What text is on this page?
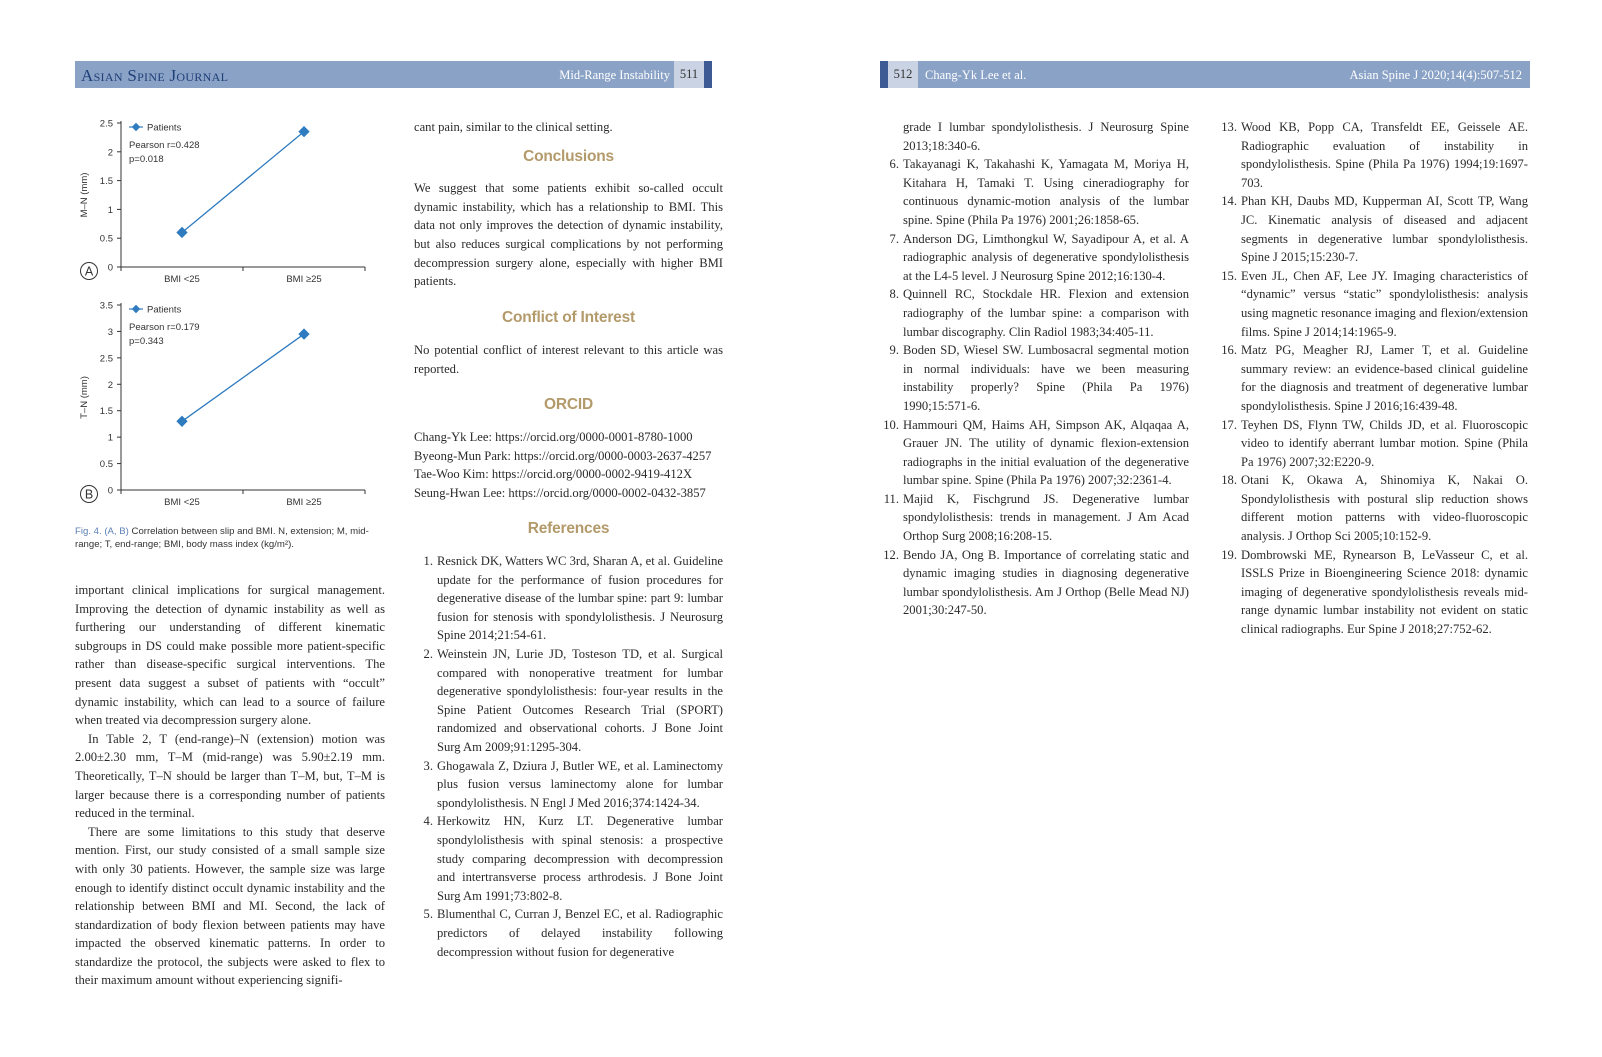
Asian Spine Journal	Mid-Range Instability 511	512	Chang-Yk Lee et al.	Asian Spine J 2020;14(4):507-512
0
0.5
1
1.5
2
2.5
BMI <25	BMI ≥25
M–N (mm)
Patients
Pearson r=0.428
p=0.018
A
0
0.5
1
1.5
2
2.5
3
3.5
BMI <25	BMI ≥25
T–N (mm)
Patients
Pearson r=0.179
p=0.343
B
Fig. 4. (A, B) Correlation between slip and BMI. N, extension; M, mid-range; T, end-range; BMI, body mass index (kg/m²).

important clinical implications for surgical management. Improving the detection of dynamic instability as well as furthering our understanding of different kinematic subgroups in DS could make possible more patient-specific rather than disease-specific surgical interventions. The present data suggest a subset of patients with “occult” dynamic instability, which can lead to a source of failure when treated via decompression surgery alone.

In Table 2, T (end-range)–N (extension) motion was 2.00±2.30 mm, T–M (mid-range) was 5.90±2.19 mm. Theoretically, T–N should be larger than T–M, but, T–M is larger because there is a corresponding number of patients reduced in the terminal.

There are some limitations to this study that deserve mention. First, our study consisted of a small sample size with only 30 patients. However, the sample size was large enough to identify distinct occult dynamic instability and the relationship between BMI and MI. Second, the lack of standardization of body flexion between patients may have impacted the observed kinematic patterns. In order to standardize the protocol, the subjects were asked to flex to their maximum amount without experiencing signifi-

cant pain, similar to the clinical setting.

Conclusions

We suggest that some patients exhibit so-called occult dynamic instability, which has a relationship to BMI. This data not only improves the detection of dynamic instability, but also reduces surgical complications by not performing decompression surgery alone, especially with higher BMI patients.

Conflict of Interest

No potential conflict of interest relevant to this article was reported.

ORCID
Chang-Yk Lee: https://orcid.org/0000-0001-8780-1000
Byeong-Mun Park: https://orcid.org/0000-0003-2637-4257
Tae-Woo Kim: https://orcid.org/0000-0002-9419-412X
Seung-Hwan Lee: https://orcid.org/0000-0002-0432-3857
References
1. Resnick DK, Watters WC 3rd, Sharan A, et al. Guideline update for the performance of fusion procedures for degenerative disease of the lumbar spine: part 9: lumbar fusion for stenosis with spondylolisthesis. J Neurosurg Spine 2014;21:54-61.
2. Weinstein JN, Lurie JD, Tosteson TD, et al. Surgical compared with nonoperative treatment for lumbar degenerative spondylolisthesis: four-year results in the Spine Patient Outcomes Research Trial (SPORT) randomized and observational cohorts. J Bone Joint Surg Am 2009;91:1295-304.
3. Ghogawala Z, Dziura J, Butler WE, et al. Laminectomy plus fusion versus laminectomy alone for lumbar spondylolisthesis. N Engl J Med 2016;374:1424-34.
4. Herkowitz HN, Kurz LT. Degenerative lumbar spondylolisthesis with spinal stenosis: a prospective study comparing decompression with decompression and intertransverse process arthrodesis. J Bone Joint Surg Am 1991;73:802-8.
5. Blumenthal C, Curran J, Benzel EC, et al. Radiographic predictors of delayed instability following decompression without fusion for degenerative
grade I lumbar spondylolisthesis. J Neurosurg Spine 2013;18:340-6.
6. Takayanagi K, Takahashi K, Yamagata M, Moriya H, Kitahara H, Tamaki T. Using cineradiography for continuous dynamic-motion analysis of the lumbar spine. Spine (Phila Pa 1976) 2001;26:1858-65.
7. Anderson DG, Limthongkul W, Sayadipour A, et al. A radiographic analysis of degenerative spondylolisthesis at the L4-5 level. J Neurosurg Spine 2012;16:130-4.
8. Quinnell RC, Stockdale HR. Flexion and extension radiography of the lumbar spine: a comparison with lumbar discography. Clin Radiol 1983;34:405-11.
9. Boden SD, Wiesel SW. Lumbosacral segmental motion in normal individuals: have we been measuring instability properly? Spine (Phila Pa 1976) 1990;15:571-6.
10. Hammouri QM, Haims AH, Simpson AK, Alqaqaa A, Grauer JN. The utility of dynamic flexion-extension radiographs in the initial evaluation of the degenerative lumbar spine. Spine (Phila Pa 1976) 2007;32:2361-4.
11. Majid K, Fischgrund JS. Degenerative lumbar spondylolisthesis: trends in management. J Am Acad Orthop Surg 2008;16:208-15.
12. Bendo JA, Ong B. Importance of correlating static and dynamic imaging studies in diagnosing degenerative lumbar spondylolisthesis. Am J Orthop (Belle Mead NJ) 2001;30:247-50.
13. Wood KB, Popp CA, Transfeldt EE, Geissele AE. Radiographic evaluation of instability in spondylolisthesis. Spine (Phila Pa 1976) 1994;19:1697-703.
14. Phan KH, Daubs MD, Kupperman AI, Scott TP, Wang JC. Kinematic analysis of diseased and adjacent segments in degenerative lumbar spondylolisthesis. Spine J 2015;15:230-7.
15. Even JL, Chen AF, Lee JY. Imaging characteristics of “dynamic” versus “static” spondylolisthesis: analysis using magnetic resonance imaging and flexion/extension films. Spine J 2014;14:1965-9.
16. Matz PG, Meagher RJ, Lamer T, et al. Guideline summary review: an evidence-based clinical guideline for the diagnosis and treatment of degenerative lumbar spondylolisthesis. Spine J 2016;16:439-48.
17. Teyhen DS, Flynn TW, Childs JD, et al. Fluoroscopic video to identify aberrant lumbar motion. Spine (Phila Pa 1976) 2007;32:E220-9.
18. Otani K, Okawa A, Shinomiya K, Nakai O. Spondylolisthesis with postural slip reduction shows different motion patterns with video-fluoroscopic analysis. J Orthop Sci 2005;10:152-9.
19. Dombrowski ME, Rynearson B, LeVasseur C, et al. ISSLS Prize in Bioengineering Science 2018: dynamic imaging of degenerative spondylolisthesis reveals mid-range dynamic lumbar instability not evident on static clinical radiographs. Eur Spine J 2018;27:752-62.
